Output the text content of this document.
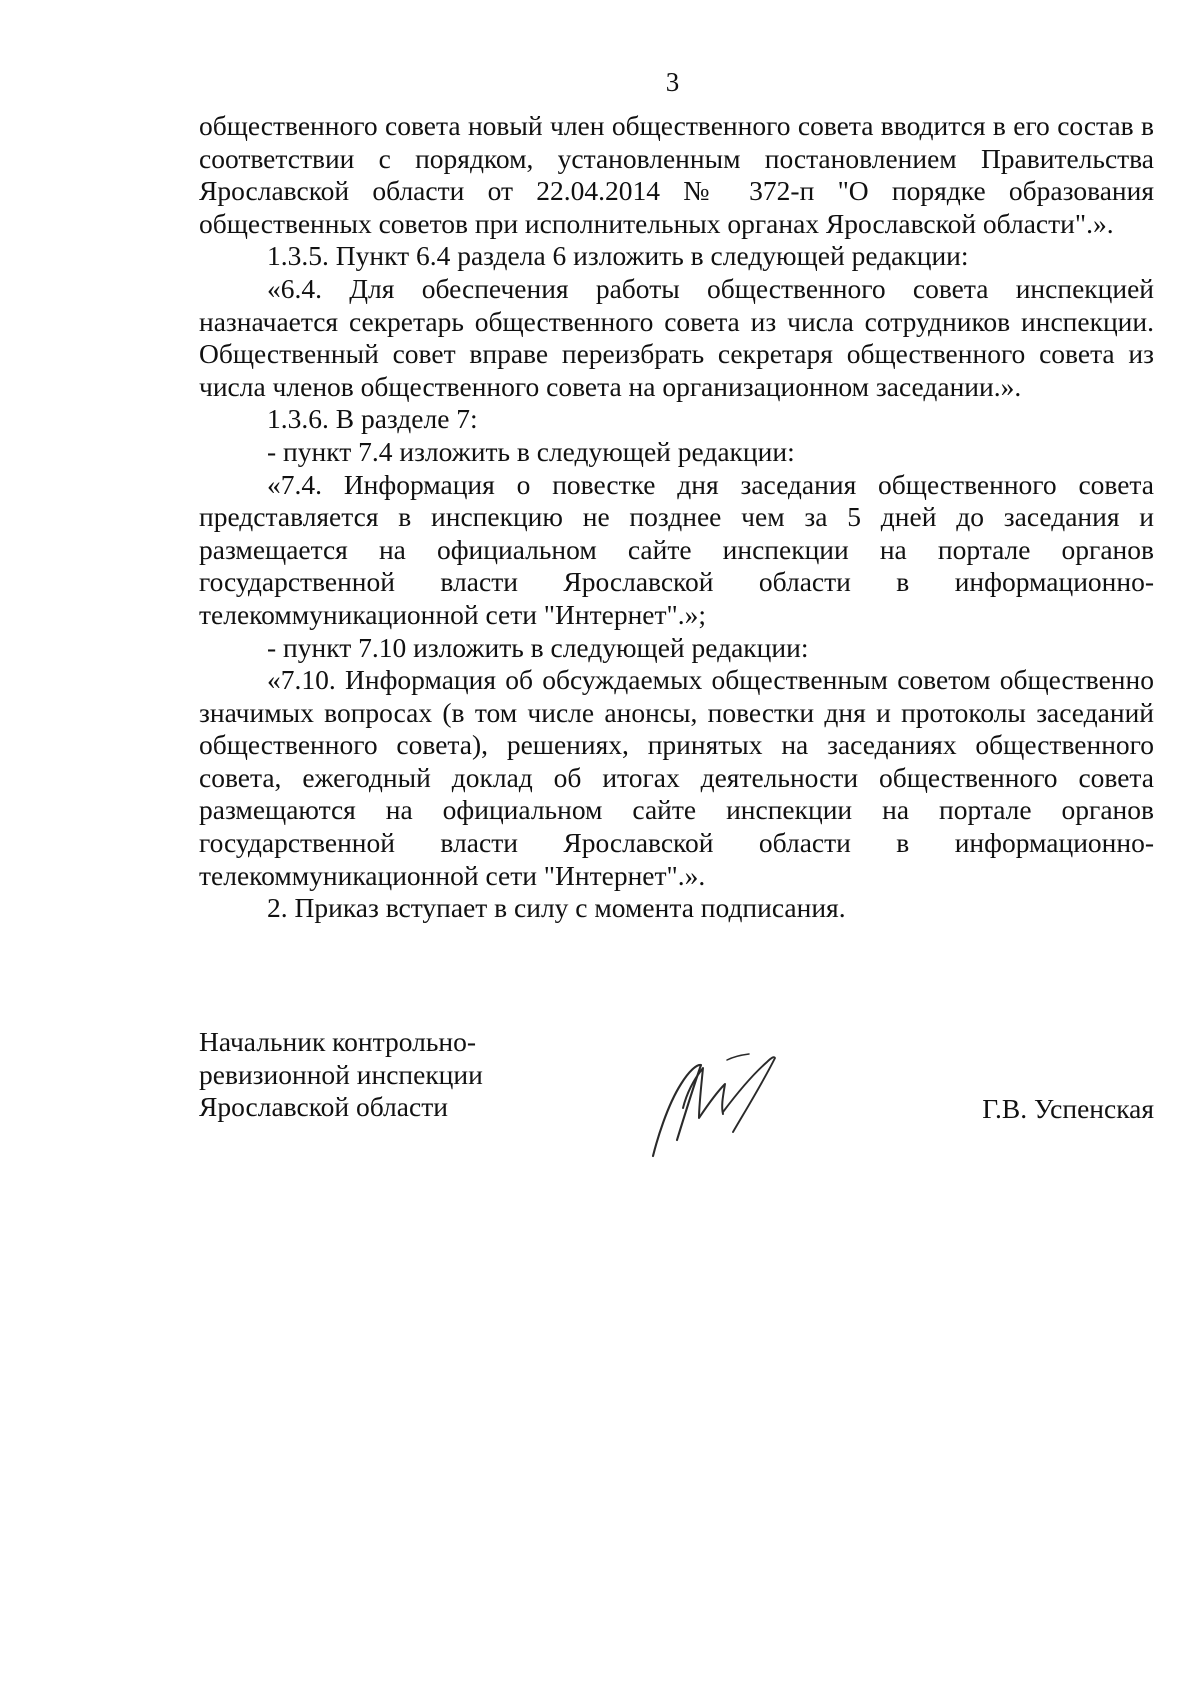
3

общественного совета новый член общественного совета вводится в его состав в соответствии с порядком, установленным постановлением Правительства Ярославской области от 22.04.2014 № 372-п "О порядке образования общественных советов при исполнительных органах Ярославской области".».

1.3.5. Пункт 6.4 раздела 6 изложить в следующей редакции:

«6.4. Для обеспечения работы общественного совета инспекцией назначается секретарь общественного совета из числа сотрудников инспекции. Общественный совет вправе переизбрать секретаря общественного совета из числа членов общественного совета на организационном заседании.».

1.3.6. В разделе 7:

- пункт 7.4 изложить в следующей редакции:

«7.4. Информация о повестке дня заседания общественного совета представляется в инспекцию не позднее чем за 5 дней до заседания и размещается на официальном сайте инспекции на портале органов государственной власти Ярославской области в информационно-телекоммуникационной сети "Интернет".»;

- пункт 7.10 изложить в следующей редакции:

«7.10. Информация об обсуждаемых общественным советом общественно значимых вопросах (в том числе анонсы, повестки дня и протоколы заседаний общественного совета), решениях, принятых на заседаниях общественного совета, ежегодный доклад об итогах деятельности общественного совета размещаются на официальном сайте инспекции на портале органов государственной власти Ярославской области в информационно-телекоммуникационной сети "Интернет".».

2. Приказ вступает в силу с момента подписания.

Начальник контрольно-
ревизионной инспекции
Ярославской области	Г.В. Успенская
